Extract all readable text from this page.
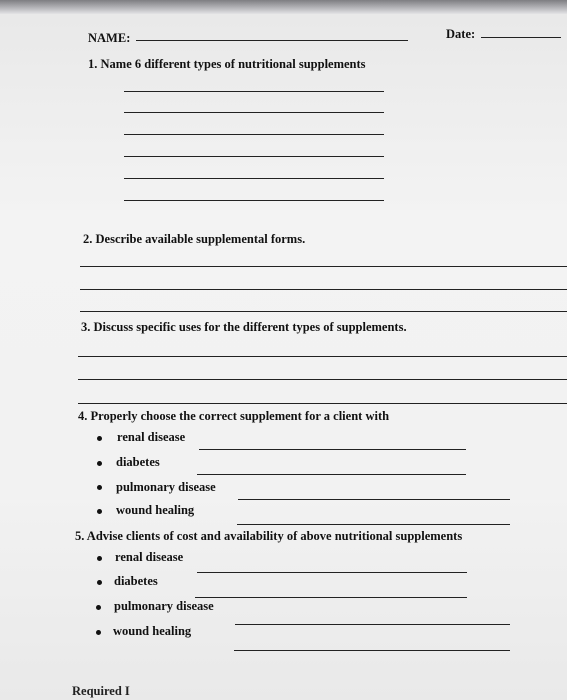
NAME:	Date:
1. Name 6 different types of nutritional supplements
2. Describe available supplemental forms.
3. Discuss specific uses for the different types of supplements.
4. Properly choose the correct supplement for a client with
renal disease
diabetes
pulmonary disease
wound healing
5. Advise clients of cost and availability of above nutritional supplements
renal disease
diabetes
pulmonary disease
wound healing
Required I
